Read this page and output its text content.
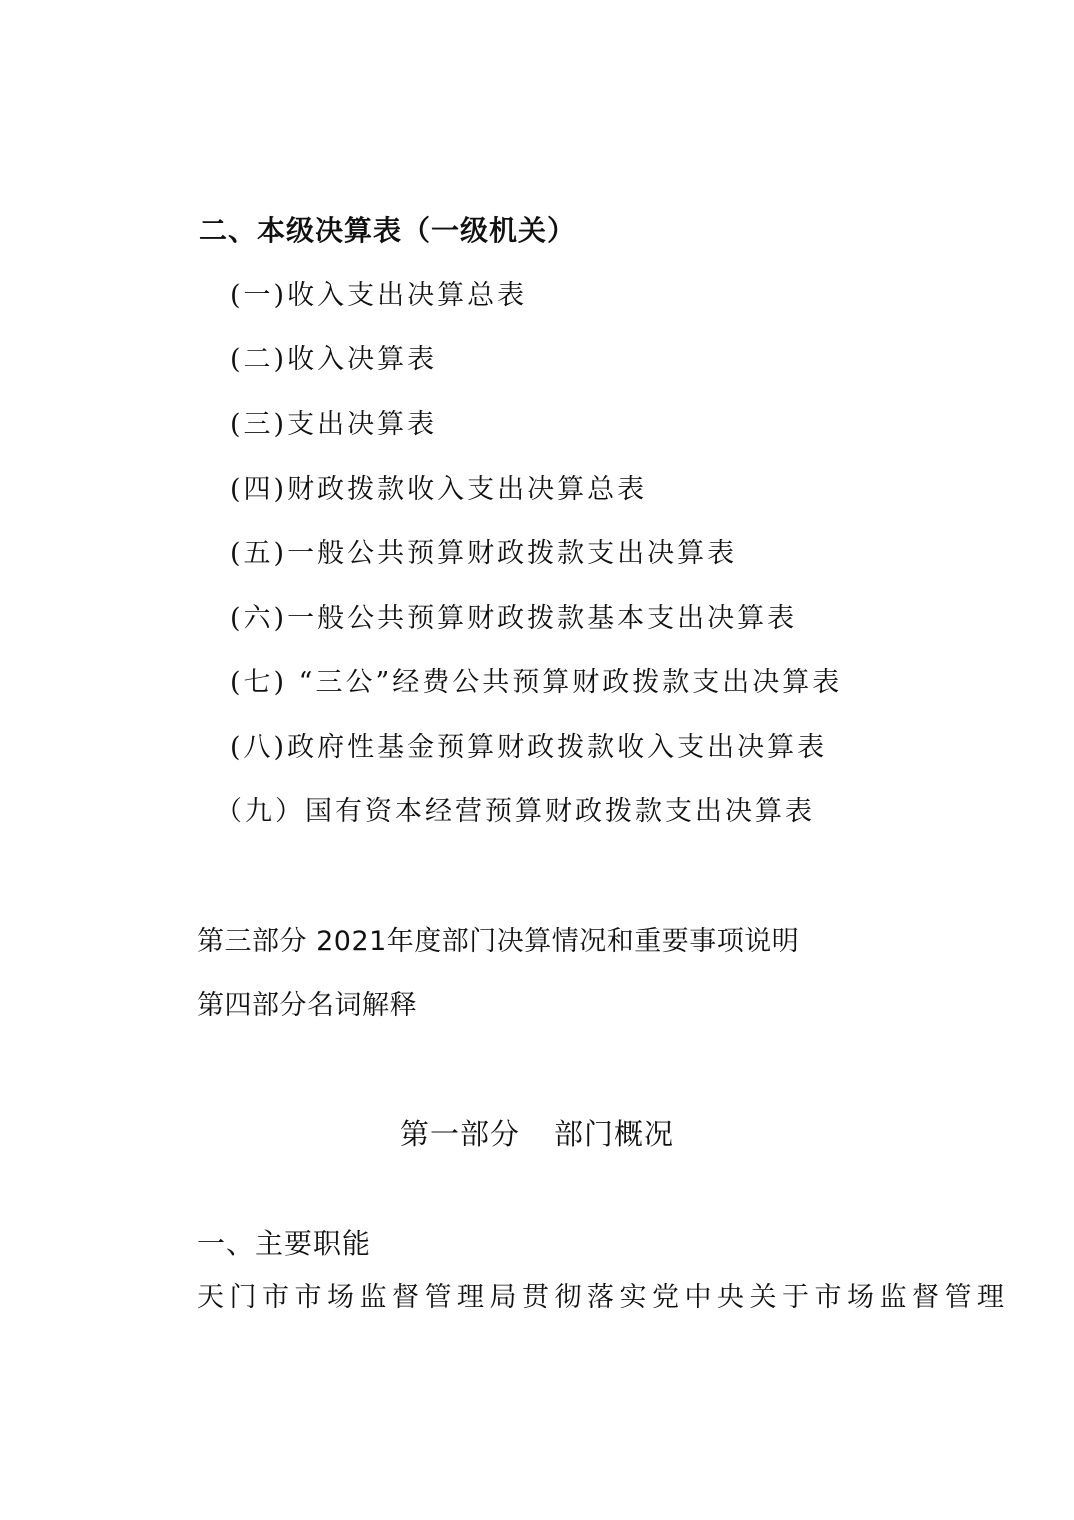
二、本级决算表（一级机关）
(一)收入支出决算总表
(二)收入决算表
(三)支出决算表
(四)财政拨款收入支出决算总表
(五)一般公共预算财政拨款支出决算表
(六)一般公共预算财政拨款基本支出决算表
(七) “三公”经费公共预算财政拨款支出决算表
(八)政府性基金预算财政拨款收入支出决算表
（九）国有资本经营预算财政拨款支出决算表
第三部分 2021年度部门决算情况和重要事项说明
第四部分名词解释
第一部分 部门概况
一、主要职能
天门市市场监督管理局贯彻落实党中央关于市场监督管理
